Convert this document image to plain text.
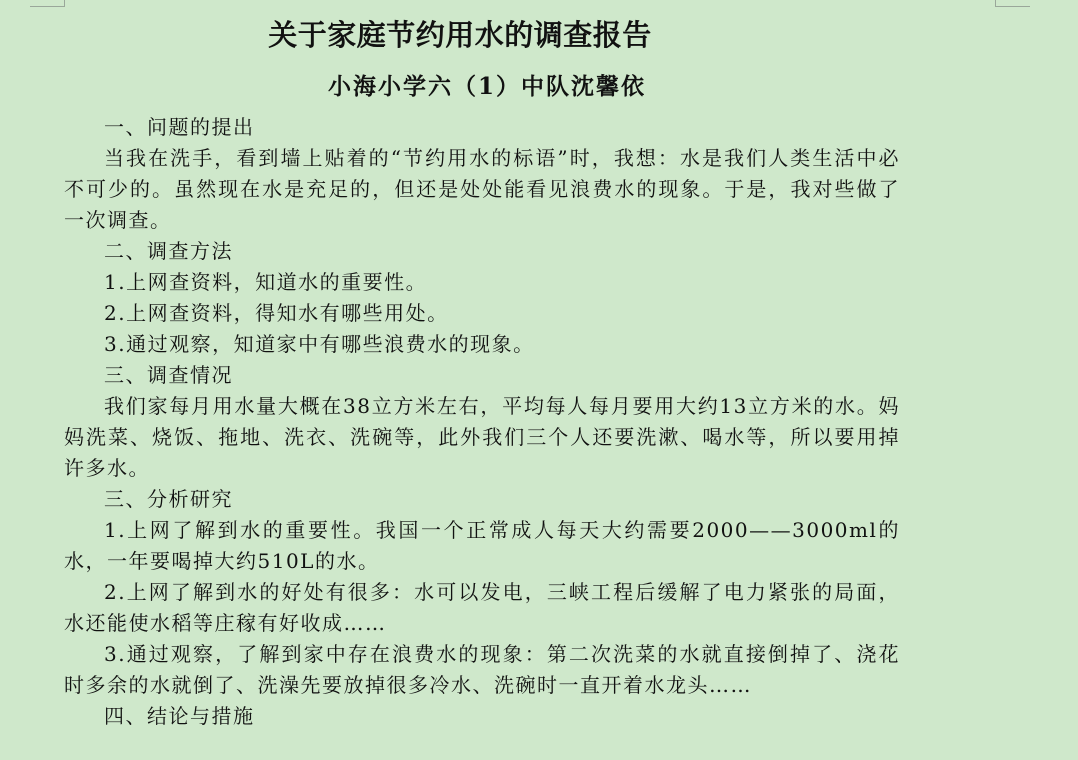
关于家庭节约用水的调查报告
小海小学六（1）中队沈馨依

一、问题的提出

当我在洗手，看到墙上贴着的“节约用水的标语”时，我想：水是我们人类生活中必不可少的。虽然现在水是充足的，但还是处处能看见浪费水的现象。于是，我对些做了一次调查。

二、调查方法

1.上网查资料，知道水的重要性。

2.上网查资料，得知水有哪些用处。

3.通过观察，知道家中有哪些浪费水的现象。

三、调查情况

我们家每月用水量大概在38立方米左右，平均每人每月要用大约13立方米的水。妈妈洗菜、烧饭、拖地、洗衣、洗碗等，此外我们三个人还要洗漱、喝水等，所以要用掉许多水。

三、分析研究

1.上网了解到水的重要性。我国一个正常成人每天大约需要2000——3000ml的水，一年要喝掉大约510L的水。

2.上网了解到水的好处有很多：水可以发电，三峡工程后缓解了电力紧张的局面，水还能使水稻等庄稼有好收成……

3.通过观察，了解到家中存在浪费水的现象：第二次洗菜的水就直接倒掉了、浇花时多余的水就倒了、洗澡先要放掉很多冷水、洗碗时一直开着水龙头……

四、结论与措施
